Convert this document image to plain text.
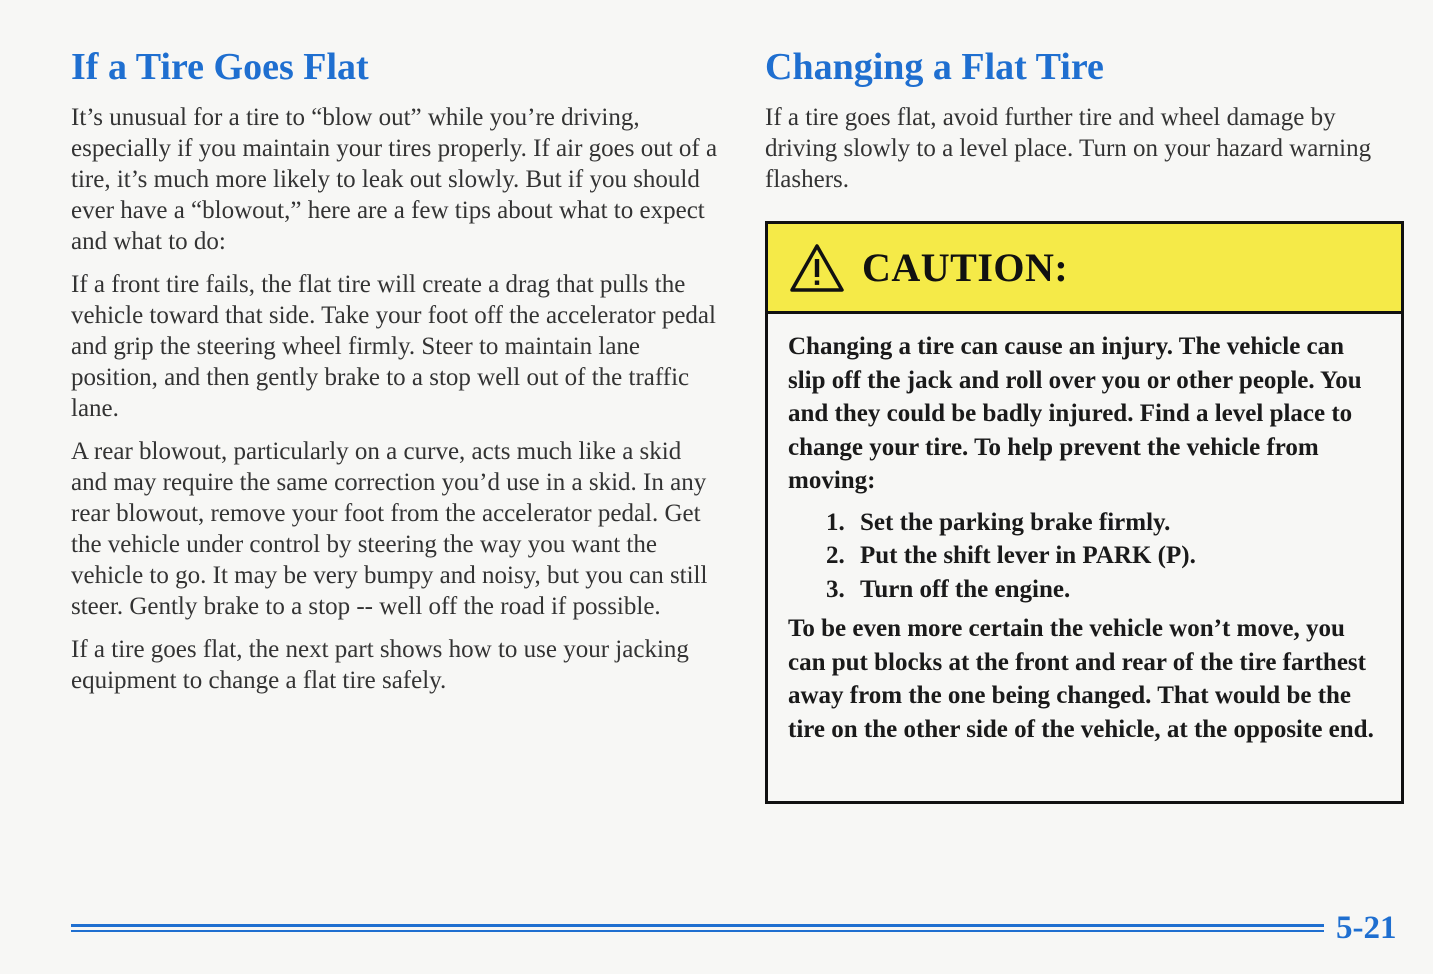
If a Tire Goes Flat

It’s unusual for a tire to “blow out” while you’re driving, especially if you maintain your tires properly. If air goes out of a tire, it’s much more likely to leak out slowly. But if you should ever have a “blowout,” here are a few tips about what to expect and what to do:

If a front tire fails, the flat tire will create a drag that pulls the vehicle toward that side. Take your foot off the accelerator pedal and grip the steering wheel firmly. Steer to maintain lane position, and then gently brake to a stop well out of the traffic lane.

A rear blowout, particularly on a curve, acts much like a skid and may require the same correction you’d use in a skid. In any rear blowout, remove your foot from the accelerator pedal. Get the vehicle under control by steering the way you want the vehicle to go. It may be very bumpy and noisy, but you can still steer. Gently brake to a stop -- well off the road if possible.

If a tire goes flat, the next part shows how to use your jacking equipment to change a flat tire safely.

Changing a Flat Tire

If a tire goes flat, avoid further tire and wheel damage by driving slowly to a level place. Turn on your hazard warning flashers.

CAUTION:

Changing a tire can cause an injury. The vehicle can slip off the jack and roll over you or other people. You and they could be badly injured. Find a level place to change your tire. To help prevent the vehicle from moving:

1. Set the parking brake firmly.
2. Put the shift lever in PARK (P).
3. Turn off the engine.

To be even more certain the vehicle won’t move, you can put blocks at the front and rear of the tire farthest away from the one being changed. That would be the tire on the other side of the vehicle, at the opposite end.

5-21
